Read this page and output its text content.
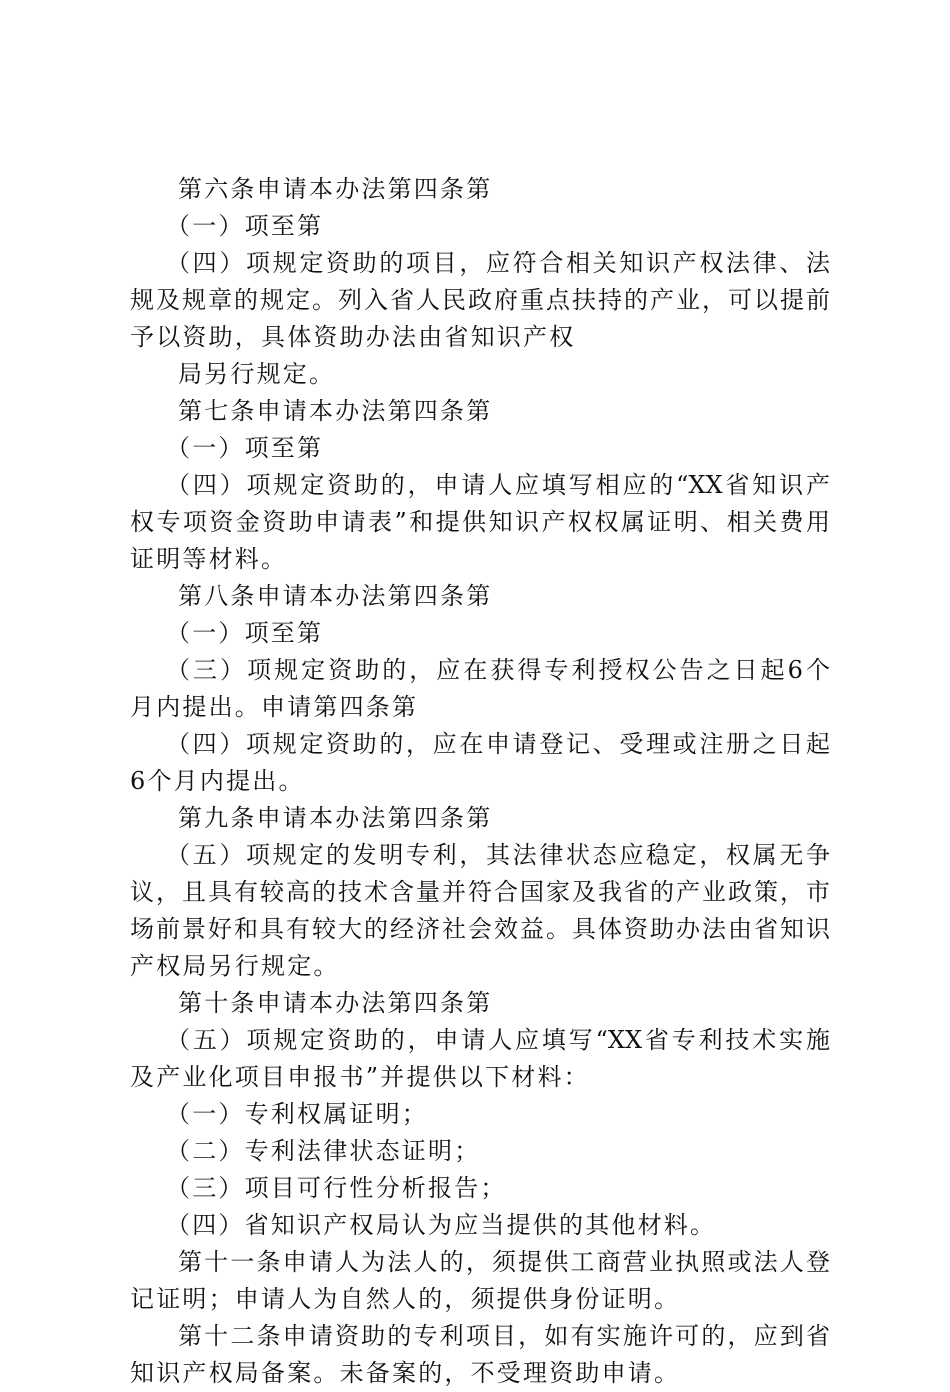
第六条申请本办法第四条第
（一）项至第
（四）项规定资助的项目，应符合相关知识产权法律、法
规及规章的规定。列入省人民政府重点扶持的产业，可以提前
予以资助，具体资助办法由省知识产权
局另行规定。
第七条申请本办法第四条第
（一）项至第
（四）项规定资助的，申请人应填写相应的“XX省知识产
权专项资金资助申请表”和提供知识产权权属证明、相关费用
证明等材料。
第八条申请本办法第四条第
（一）项至第
（三）项规定资助的，应在获得专利授权公告之日起6个
月内提出。申请第四条第
（四）项规定资助的，应在申请登记、受理或注册之日起
6个月内提出。
第九条申请本办法第四条第
（五）项规定的发明专利，其法律状态应稳定，权属无争
议，且具有较高的技术含量并符合国家及我省的产业政策，市
场前景好和具有较大的经济社会效益。具体资助办法由省知识
产权局另行规定。
第十条申请本办法第四条第
（五）项规定资助的，申请人应填写“XX省专利技术实施
及产业化项目申报书”并提供以下材料：
（一）专利权属证明；
（二）专利法律状态证明；
（三）项目可行性分析报告；
（四）省知识产权局认为应当提供的其他材料。
第十一条申请人为法人的，须提供工商营业执照或法人登
记证明；申请人为自然人的，须提供身份证明。
第十二条申请资助的专利项目，如有实施许可的，应到省
知识产权局备案。未备案的，不受理资助申请。
